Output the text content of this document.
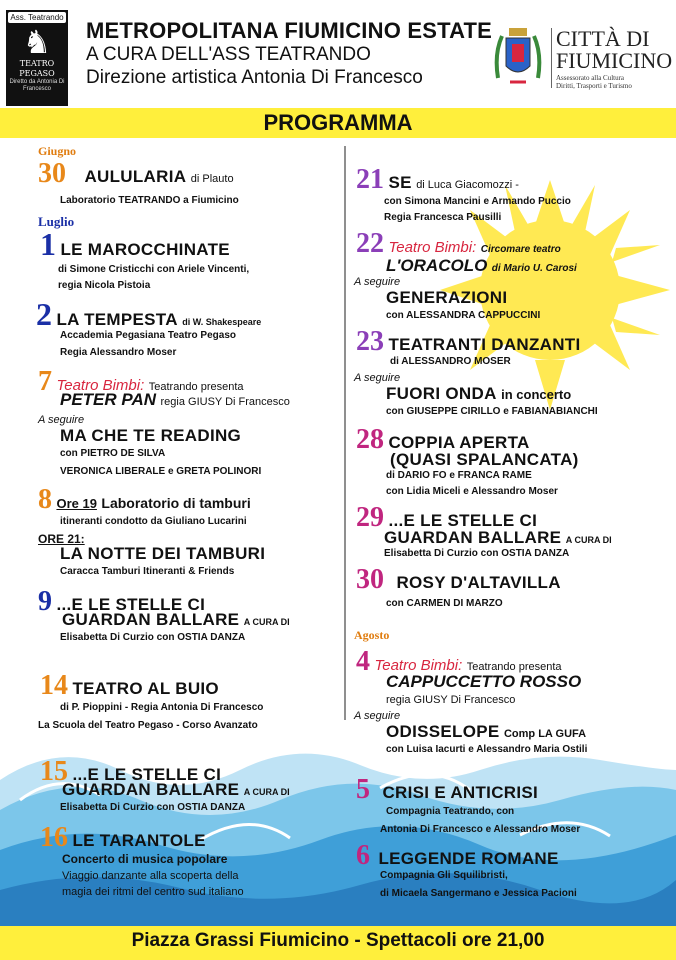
Ass. Teatrando
♞
TEATRO PEGASO
Diretto da Antonia Di Francesco
METROPOLITANA FIUMICINO ESTATE
A CURA DELL'ASS TEATRANDO
Direzione artistica Antonia Di Francesco
CITTÀ DI
FIUMICINO
Assessorato alla Cultura
Diritti, Trasporti e Turismo
PROGRAMMA
Giugno
30 AULULARIA di Plauto
Laboratorio TEATRANDO a Fiumicino
Luglio
1 LE MAROCCHINATE
di Simone Cristicchi con Ariele Vincenti,
regia Nicola Pistoia
2 LA TEMPESTA di W. Shakespeare
Accademia Pegasiana Teatro Pegaso
Regia Alessandro Moser
7 Teatro Bimbi: Teatrando presenta
PETER PAN regia GIUSY Di Francesco
A seguire
MA CHE TE READING
con PIETRO DE SILVA
VERONICA LIBERALE e GRETA POLINORI
8 Ore 19 Laboratorio di tamburi
itineranti condotto da Giuliano Lucarini
ORE 21:
LA NOTTE DEI TAMBURI
Caracca Tamburi Itineranti & Friends
9 ...E LE STELLE CI
GUARDAN BALLARE A CURA DI
Elisabetta Di Curzio con OSTIA DANZA
14 TEATRO AL BUIO
di P. Pioppini - Regia Antonia Di Francesco
La Scuola del Teatro Pegaso - Corso Avanzato
15 ...E LE STELLE CI
GUARDAN BALLARE A CURA DI
Elisabetta Di Curzio con OSTIA DANZA
16 LE TARANTOLE
Concerto di musica popolare
Viaggio danzante alla scoperta della
magia dei ritmi del centro sud italiano
21 SE di Luca Giacomozzi -
con Simona Mancini e Armando Puccio
Regia Francesca Pausilli
22 Teatro Bimbi: Circomare teatro
L'ORACOLO di Mario U. Carosi
A seguire
GENERAZIONI
con ALESSANDRA CAPPUCCINI
23 TEATRANTI DANZANTI
di ALESSANDRO MOSER
A seguire
FUORI ONDA in concerto
con GIUSEPPE CIRILLO e FABIANABIANCHI
28 COPPIA APERTA
(QUASI SPALANCATA)
di DARIO FO e FRANCA RAME
con Lidia Miceli e Alessandro Moser
29 ...E LE STELLE CI
GUARDAN BALLARE A CURA DI
Elisabetta Di Curzio con OSTIA DANZA
30 ROSY D'ALTAVILLA
con CARMEN DI MARZO
Agosto
4 Teatro Bimbi: Teatrando presenta
CAPPUCCETTO ROSSO
regia GIUSY Di Francesco
A seguire
ODISSELOPE Comp LA GUFA
con Luisa Iacurti e Alessandro Maria Ostili
5 CRISI E ANTICRISI
Compagnia Teatrando, con
Antonia Di Francesco e Alessandro Moser
6 LEGGENDE ROMANE
Compagnia Gli Squilibristi,
di Micaela Sangermano e Jessica Pacioni
Piazza Grassi Fiumicino - Spettacoli ore 21,00
